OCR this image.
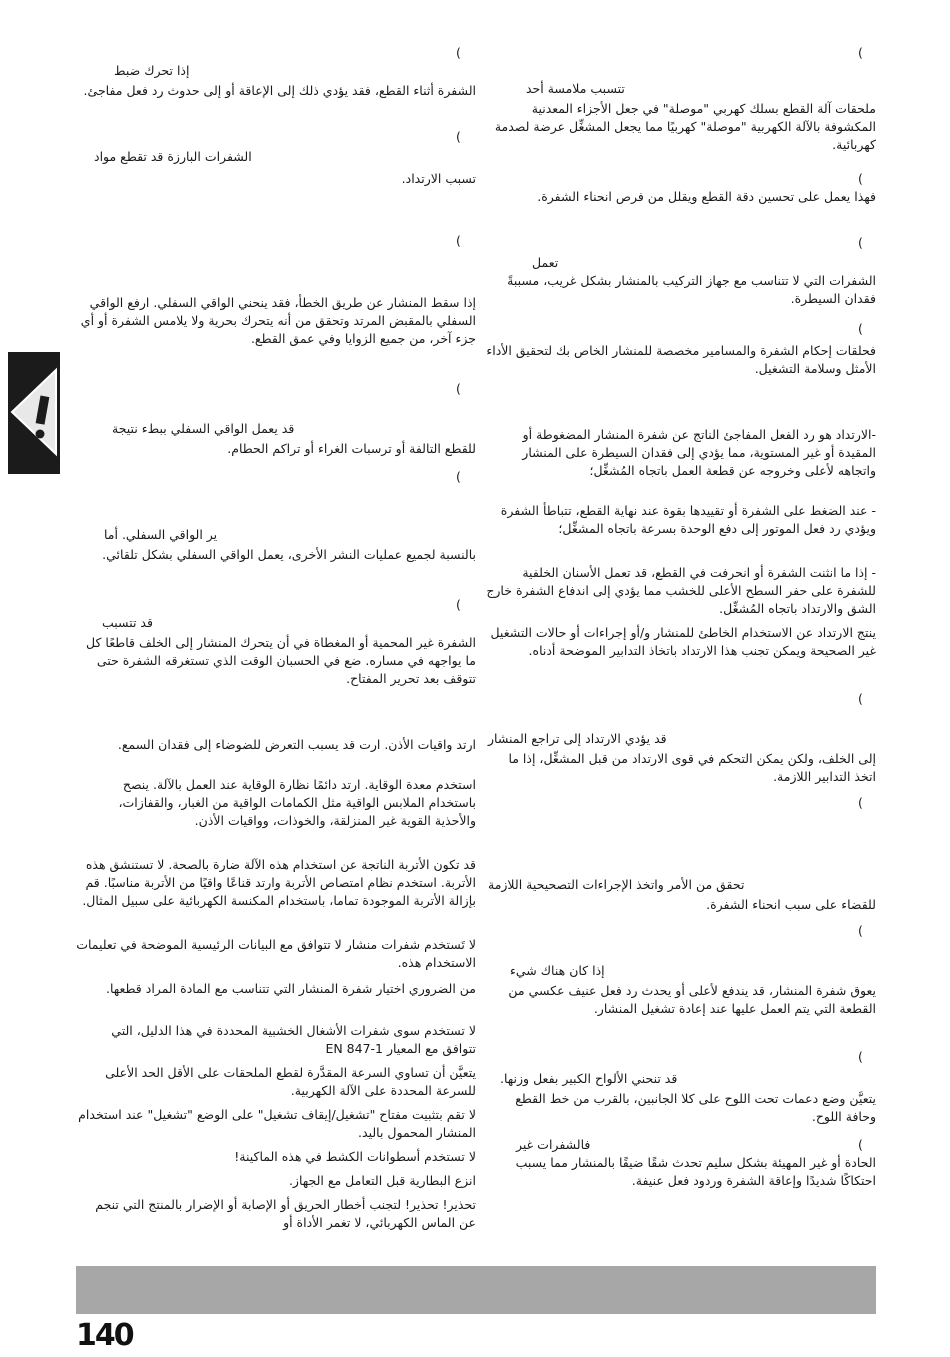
)
تتسبب ملامسة أحد
ملحقات آلة القطع بسلك كهربي "موصلة" في جعل الأجزاء المعدنية المكشوفة بالآلة الكهربية "موصلة" كهربيًا مما يجعل المشغِّل عرضة لصدمة كهربائية.
)
فهذا يعمل على تحسين دقة القطع ويقلل من فرص انحناء الشفرة.
)
تعمل
الشفرات التي لا تتناسب مع جهاز التركيب بالمنشار بشكل غريب، مسببةً فقدان السيطرة.
)
فحلقات إحكام الشفرة والمسامير مخصصة للمنشار الخاص بك لتحقيق الأداء الأمثل وسلامة التشغيل.
-الارتداد هو رد الفعل المفاجئ الناتج عن شفرة المنشار المضغوطة أو المقيدة أو غير المستوية، مما يؤدي إلى فقدان السيطرة على المنشار واتجاهه لأعلى وخروجه عن قطعة العمل باتجاه المُشغِّل؛
- عند الضغط على الشفرة أو تقييدها بقوة عند نهاية القطع، تتباطأ الشفرة ويؤدي رد فعل الموتور إلى دفع الوحدة بسرعة باتجاه المشغِّل؛
- إذا ما انثنت الشفرة أو انحرفت في القطع، قد تعمل الأسنان الخلفية للشفرة على حفر السطح الأعلى للخشب مما يؤدي إلى اندفاع الشفرة خارج الشق والارتداد باتجاه المُشغِّل.
ينتج الارتداد عن الاستخدام الخاطئ للمنشار و/أو إجراءات أو حالات التشغيل غير الصحيحة ويمكن تجنب هذا الارتداد باتخاذ التدابير الموضحة أدناه.
)
قد يؤدي الارتداد إلى تراجع المنشار
إلى الخلف، ولكن يمكن التحكم في قوى الارتداد من قبل المشغِّل، إذا ما اتخذ التدابير اللازمة.
)
تحقق من الأمر واتخذ الإجراءات التصحيحية اللازمة
للقضاء على سبب انحناء الشفرة.
)
إذا كان هناك شيء
يعوق شفرة المنشار، قد يندفع لأعلى أو يحدث رد فعل عنيف عكسي من القطعة التي يتم العمل عليها عند إعادة تشغيل المنشار.
)
قد تنحني الألواح الكبير بفعل وزنها.
يتعيَّن وضع دعمات تحت اللوح على كلا الجانبين، بالقرب من خط القطع وحافة اللوح.
)
فالشفرات غير
الحادة أو غير المهيئة بشكل سليم تحدث شقًا ضيقًا بالمنشار مما يسبب احتكاكًا شديدًا وإعاقة الشفرة وردود فعل عنيفة.
)
إذا تحرك ضبط
الشفرة أثناء القطع، فقد يؤدي ذلك إلى الإعاقة أو إلى حدوث رد فعل مفاجئ.
)
الشفرات البارزة قد تقطع مواد
تسبب الارتداد.
)
إذا سقط المنشار عن طريق الخطأ، فقد ينحني الواقي السفلي. ارفع الواقي السفلي بالمقبض المرتد وتحقق من أنه يتحرك بحرية ولا يلامس الشفرة أو أي جزء آخر، من جميع الزوايا وفي عمق القطع.
)
قد يعمل الواقي السفلي ببطء نتيجة
للقطع التالفة أو ترسبات الغراء أو تراكم الحطام.
)
ير الواقي السفلي. أما
بالنسبة لجميع عمليات النشر الأخرى، يعمل الواقي السفلي بشكل تلقائي.
)
قد تتسبب
الشفرة غير المحمية أو المغطاة في أن يتحرك المنشار إلى الخلف قاطعًا كل ما يواجهه في مساره. ضع في الحسبان الوقت الذي تستغرقه الشفرة حتى تتوقف بعد تحرير المفتاح.
ارتد واقيات الأذن. ارت قد يسبب التعرض للضوضاء إلى فقدان السمع.
استخدم معدة الوقاية. ارتد دائمًا نظارة الوقاية عند العمل بالآلة. ينصح باستخدام الملابس الواقية مثل الكمامات الواقية من الغبار، والقفازات، والأحذية القوية غير المنزلقة، والخوذات، وواقيات الأذن.
قد تكون الأتربة الناتجة عن استخدام هذه الآلة ضارة بالصحة. لا تستنشق هذه الأتربة. استخدم نظام امتصاص الأتربة وارتد قناعًا واقيًا من الأتربة مناسبًا. قم بإزالة الأتربة الموجودة تماما، باستخدام المكنسة الكهربائية على سبيل المثال.
لا تَستخدم شفرات منشار لا تتوافق مع البيانات الرئيسية الموضحة في تعليمات الاستخدام هذه.
من الضروري اختيار شفرة المنشار التي تتناسب مع المادة المراد قطعها.
لا تستخدم سوى شفرات الأشغال الخشبية المحددة في هذا الدليل، التي تتوافق مع المعيار EN 847-1
يتعيَّن أن تساوي السرعة المقدَّرة لقطع الملحقات على الأقل الحد الأعلى للسرعة المحددة على الآلة الكهربية.
لا تقم بتثبيت مفتاح "تشغيل/إيقاف تشغيل" على الوضع "تشغيل" عند استخدام المنشار المحمول باليد.
لا تستخدم أسطوانات الكشط في هذه الماكينة!
انزع البطارية قبل التعامل مع الجهاز.
تحذير! تحذير! لتجنب أخطار الحريق أو الإصابة أو الإضرار بالمنتج التي تنجم عن الماس الكهربائي، لا تغمر الأداة أو
140
